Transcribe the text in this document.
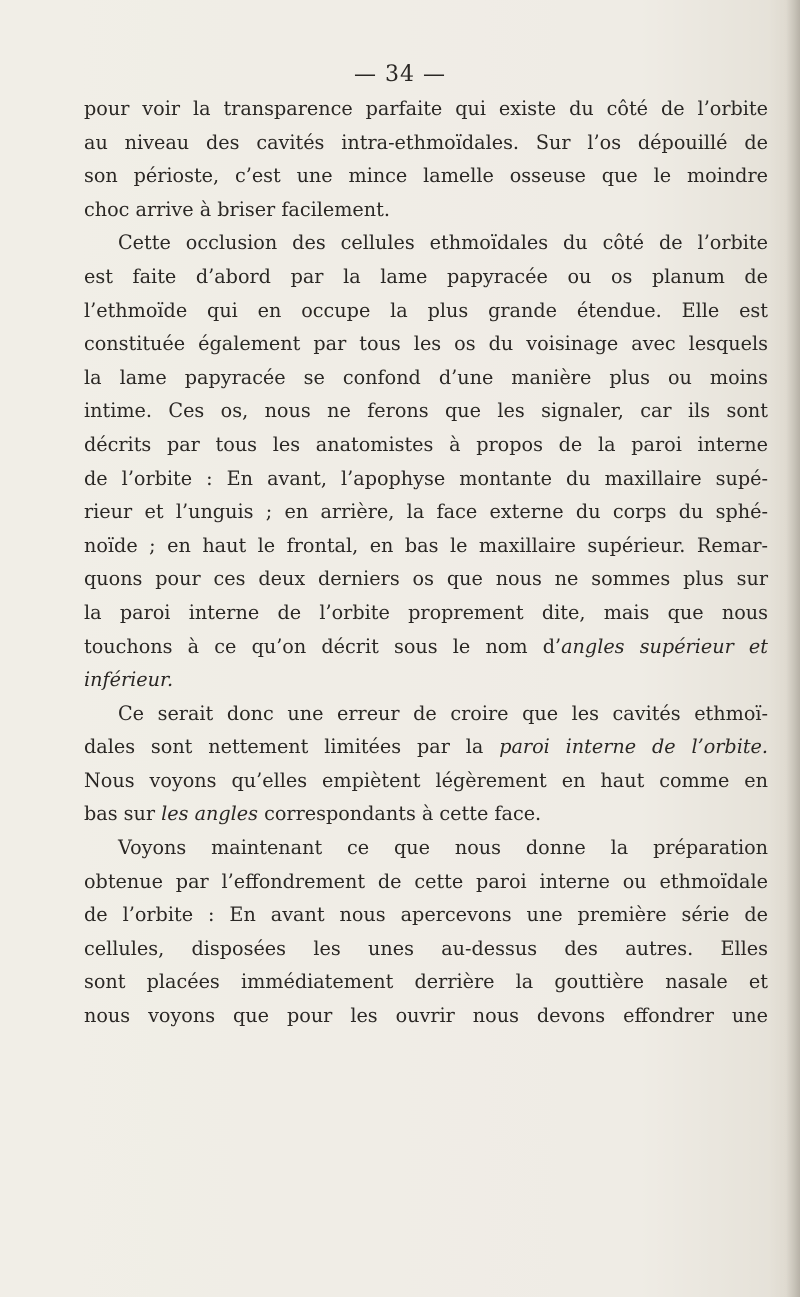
— 34 —
pour voir la transparence parfaite qui existe du côté de l’orbite
au niveau des cavités intra-ethmoïdales. Sur l’os dépouillé de
son périoste, c’est une mince lamelle osseuse que le moindre
choc arrive à briser facilement.
Cette occlusion des cellules ethmoïdales du côté de l’orbite
est faite d’abord par la lame papyracée ou os planum de
l’ethmoïde qui en occupe la plus grande étendue. Elle est
constituée également par tous les os du voisinage avec lesquels
la lame papyracée se confond d’une manière plus ou moins
intime. Ces os, nous ne ferons que les signaler, car ils sont
décrits par tous les anatomistes à propos de la paroi interne
de l’orbite : En avant, l’apophyse montante du maxillaire supé-
rieur et l’unguis ; en arrière, la face externe du corps du sphé-
noïde ; en haut le frontal, en bas le maxillaire supérieur. Remar-
quons pour ces deux derniers os que nous ne sommes plus sur
la paroi interne de l’orbite proprement dite, mais que nous
touchons à ce qu’on décrit sous le nom d’angles supérieur et
inférieur.
Ce serait donc une erreur de croire que les cavités ethmoï-
dales sont nettement limitées par la paroi interne de l’orbite.
Nous voyons qu’elles empiètent légèrement en haut comme en
bas sur les angles correspondants à cette face.
Voyons maintenant ce que nous donne la préparation
obtenue par l’effondrement de cette paroi interne ou ethmoïdale
de l’orbite : En avant nous apercevons une première série de
cellules, disposées les unes au-dessus des autres. Elles
sont placées immédiatement derrière la gouttière nasale et
nous voyons que pour les ouvrir nous devons effondrer une
